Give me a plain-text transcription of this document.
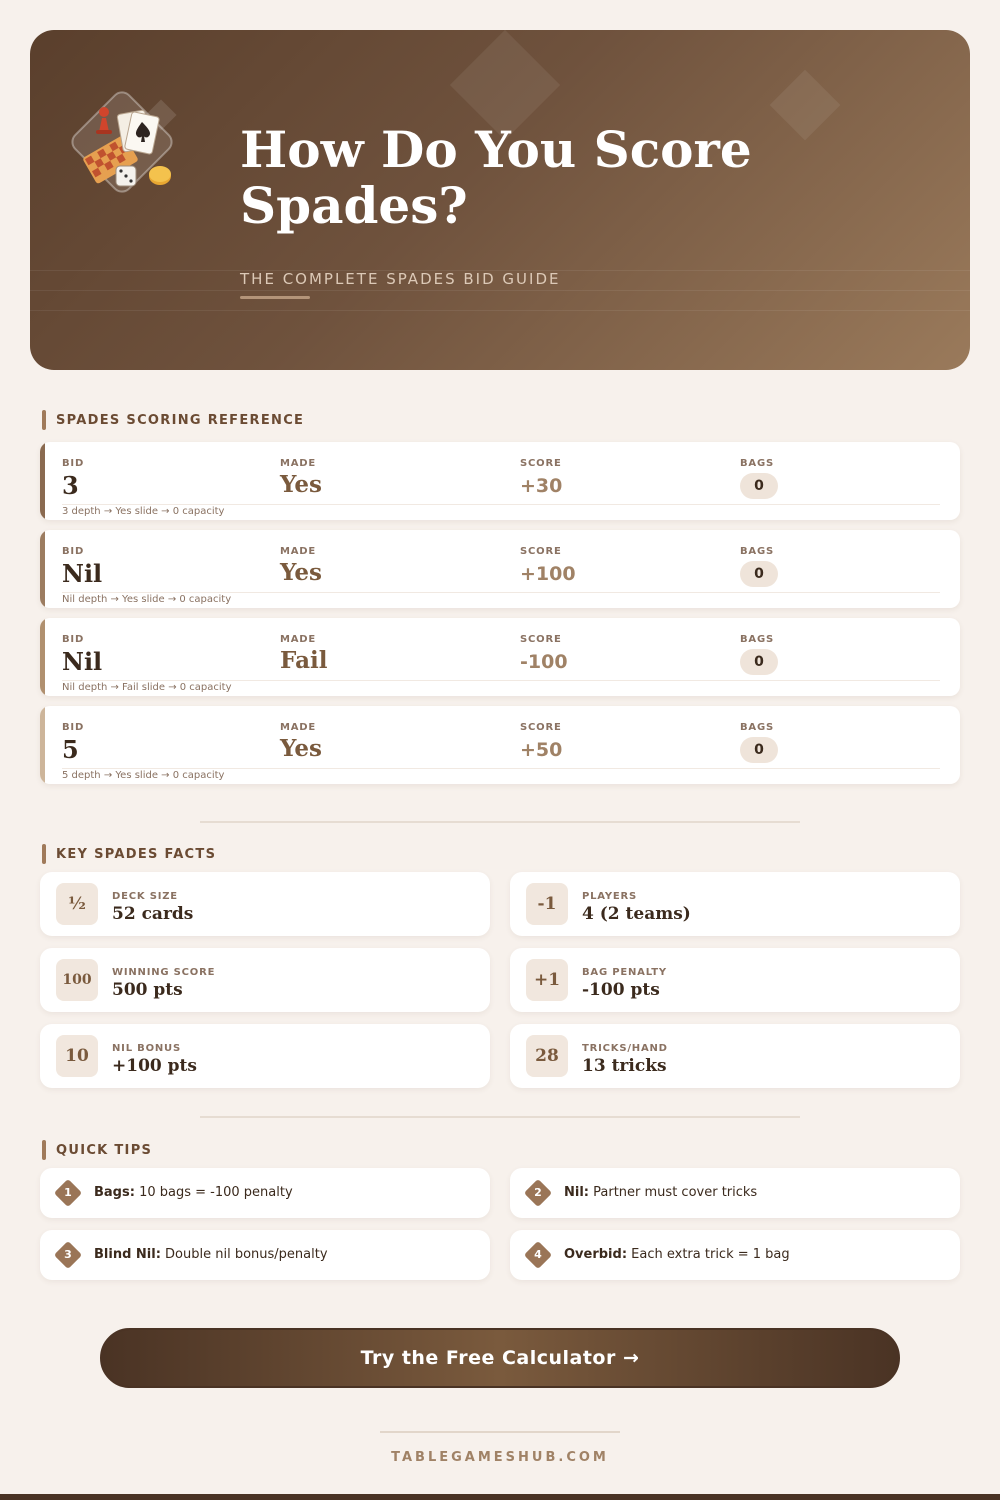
How Do You Score Spades?
THE COMPLETE SPADES BID GUIDE
SPADES SCORING REFERENCE
BID
3
MADE
Yes
SCORE
+30
BAGS
0
3 depth → Yes slide → 0 capacity
BID
Nil
MADE
Yes
SCORE
+100
BAGS
0
Nil depth → Yes slide → 0 capacity
BID
Nil
MADE
Fail
SCORE
-100
BAGS
0
Nil depth → Fail slide → 0 capacity
BID
5
MADE
Yes
SCORE
+50
BAGS
0
5 depth → Yes slide → 0 capacity
KEY SPADES FACTS
½	DECK SIZE
52 cards	-1	PLAYERS
4 (2 teams)
100	WINNING SCORE
500 pts	+1	BAG PENALTY
-100 pts
10	NIL BONUS
+100 pts	28	TRICKS/HAND
13 tricks
QUICK TIPS
1	Bags: 10 bags = -100 penalty	2	Nil: Partner must cover tricks
3	Blind Nil: Double nil bonus/penalty	4	Overbid: Each extra trick = 1 bag
Try the Free Calculator →
TABLEGAMESHUB.COM
